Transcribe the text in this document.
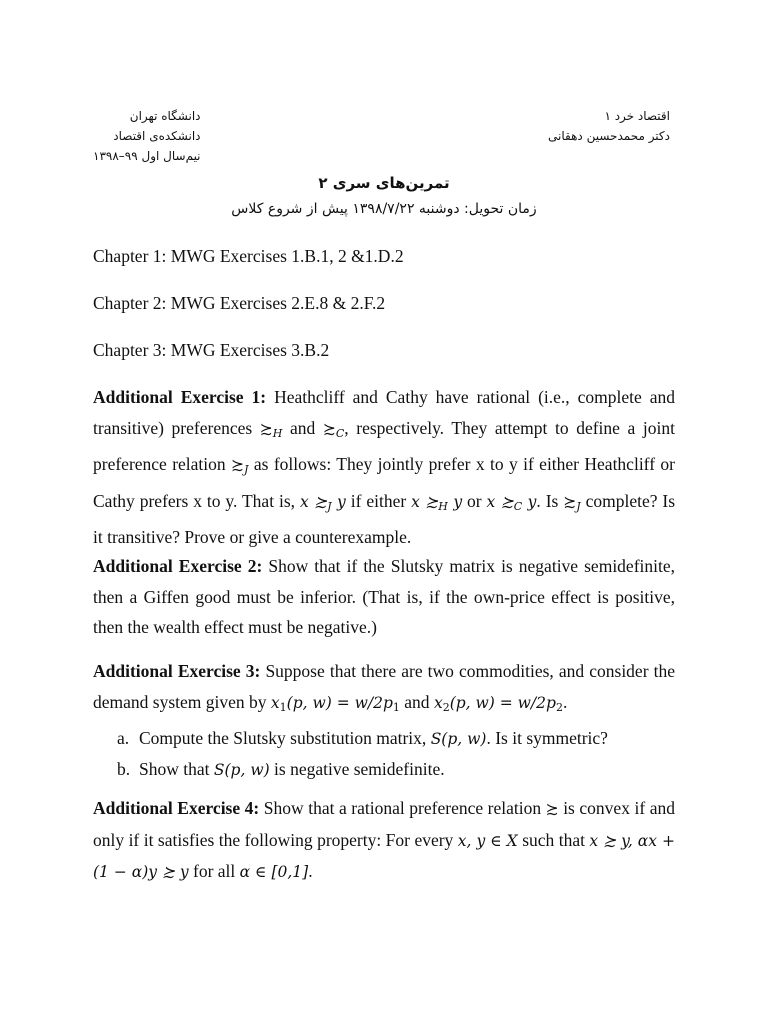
دانشگاه تهران
دانشکده‌ی اقتصاد
نیم‌سال اول ۹۹–۱۳۹۸
اقتصاد خرد ۱
دکتر محمدحسین دهقانی
تمرین‌های سری ۲
زمان تحویل: دوشنبه ۱۳۹۸/۷/۲۲ پیش از شروع کلاس
Chapter 1: MWG Exercises 1.B.1, 2 &1.D.2
Chapter 2: MWG Exercises 2.E.8 & 2.F.2
Chapter 3: MWG Exercises 3.B.2
Additional Exercise 1: Heathcliff and Cathy have rational (i.e., complete and transitive) preferences $≿_H$ and $≿_C$, respectively. They attempt to define a joint preference relation $≿_J$ as follows: They jointly prefer x to y if either Heathcliff or Cathy prefers x to y. That is, x $≿_J$ y if either x $≿_H$ y or x $≿_C$ y. Is $≿_J$ complete? Is it transitive? Prove or give a counterexample.
Additional Exercise 2: Show that if the Slutsky matrix is negative semidefinite, then a Giffen good must be inferior. (That is, if the own-price effect is positive, then the wealth effect must be negative.)
Additional Exercise 3: Suppose that there are two commodities, and consider the demand system given by $x_1(p$, $w) = w/2p_1$ and $x_2(p$, $w) = w/2p_2$.
a. Compute the Slutsky substitution matrix, S(p, w). Is it symmetric?
b. Show that S(p, w) is negative semidefinite.
Additional Exercise 4: Show that a rational preference relation ≿ is convex if and only if it satisfies the following property: For every x, y ∈ X such that x ≿ y, αx + (1 − α)y ≿ y for all α ∈ [0,1].
